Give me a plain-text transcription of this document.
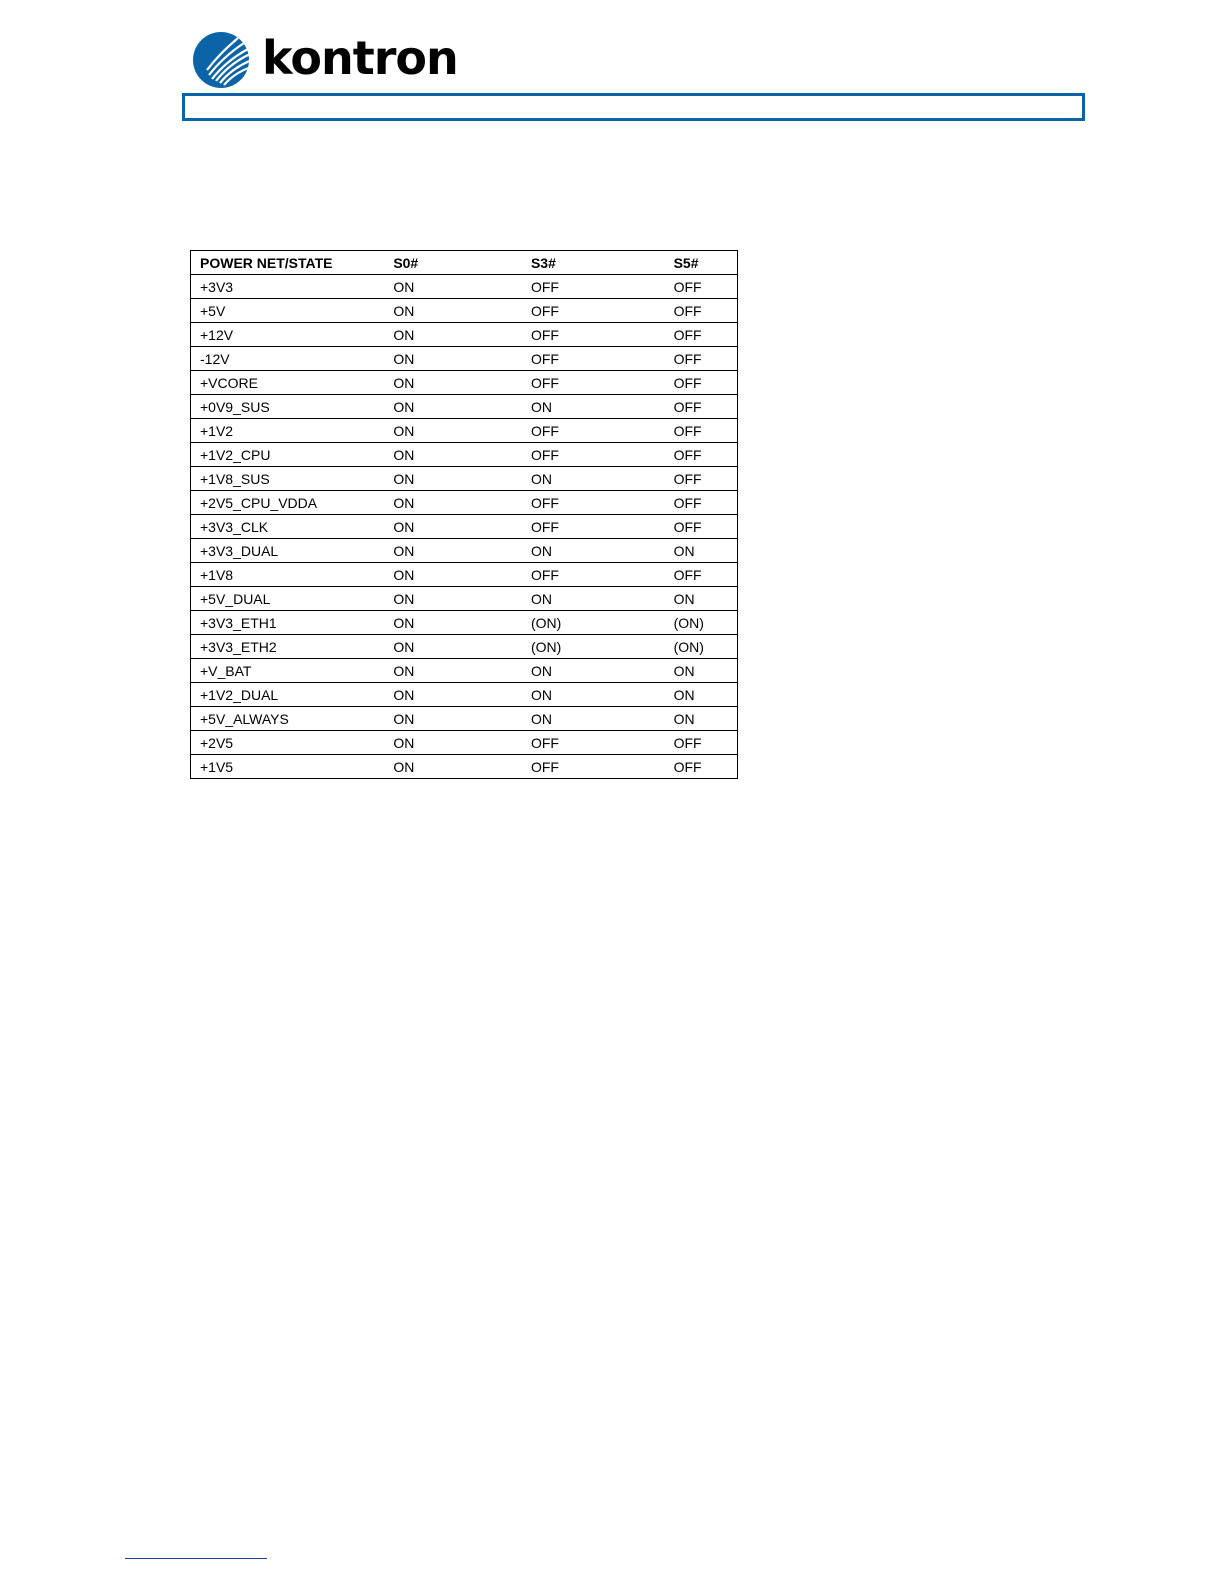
kontron
POWER NET/STATE	S0#	S3#	S5#
+3V3	ON	OFF	OFF
+5V	ON	OFF	OFF
+12V	ON	OFF	OFF
-12V	ON	OFF	OFF
+VCORE	ON	OFF	OFF
+0V9_SUS	ON	ON	OFF
+1V2	ON	OFF	OFF
+1V2_CPU	ON	OFF	OFF
+1V8_SUS	ON	ON	OFF
+2V5_CPU_VDDA	ON	OFF	OFF
+3V3_CLK	ON	OFF	OFF
+3V3_DUAL	ON	ON	ON
+1V8	ON	OFF	OFF
+5V_DUAL	ON	ON	ON
+3V3_ETH1	ON	(ON)	(ON)
+3V3_ETH2	ON	(ON)	(ON)
+V_BAT	ON	ON	ON
+1V2_DUAL	ON	ON	ON
+5V_ALWAYS	ON	ON	ON
+2V5	ON	OFF	OFF
+1V5	ON	OFF	OFF
